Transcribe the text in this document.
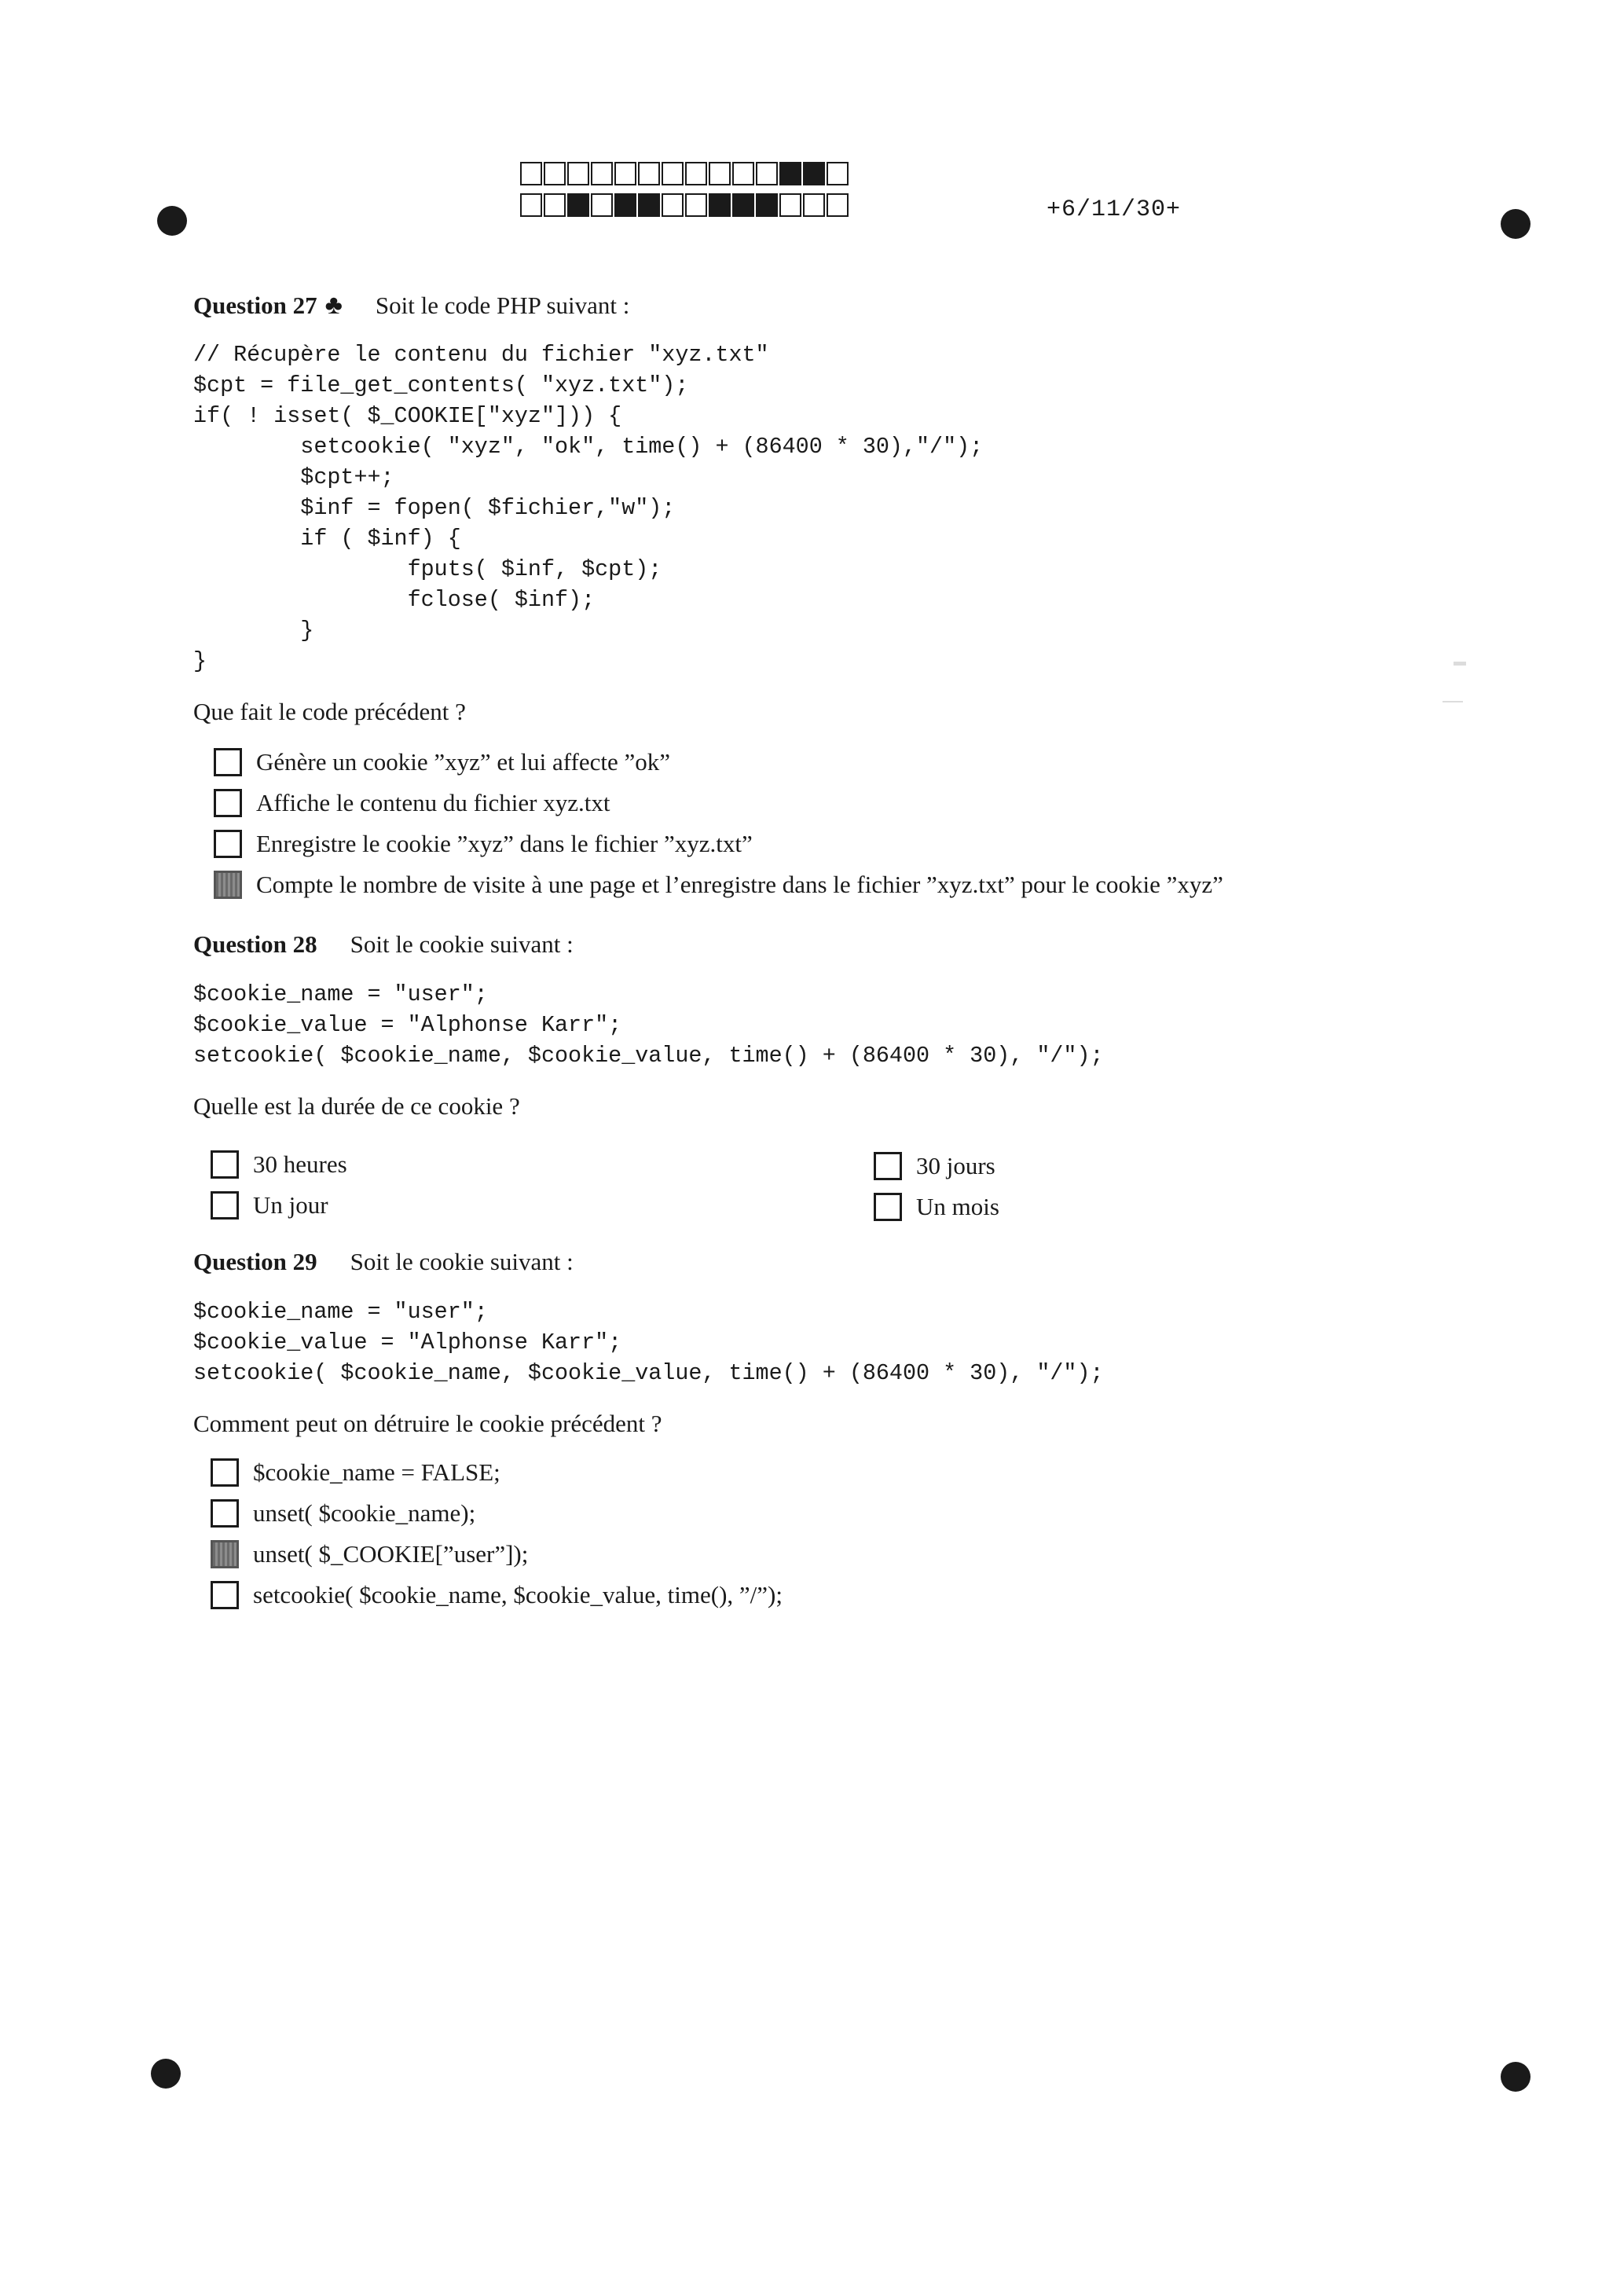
+6/11/30+
Question 27 ♣ Soit le code PHP suivant :
// Récupère le contenu du fichier "xyz.txt"
$cpt = file_get_contents( "xyz.txt");
if( ! isset( $_COOKIE["xyz"])) {
setcookie( "xyz", "ok", time() + (86400 * 30),"/");
$cpt++;
$inf = fopen( $fichier,"w");
if ( $inf) {
fputs( $inf, $cpt);
fclose( $inf);
}
}
Que fait le code précédent ?
Génère un cookie ”xyz” et lui affecte ”ok”
Affiche le contenu du fichier xyz.txt
Enregistre le cookie ”xyz” dans le fichier ”xyz.txt”
Compte le nombre de visite à une page et l’enregistre dans le fichier ”xyz.txt” pour le cookie ”xyz”
Question 28 Soit le cookie suivant :
$cookie_name = "user";
$cookie_value = "Alphonse Karr";
setcookie( $cookie_name, $cookie_value, time() + (86400 * 30), "/");
Quelle est la durée de ce cookie ?
30 heures
Un jour
30 jours
Un mois
Question 29 Soit le cookie suivant :
$cookie_name = "user";
$cookie_value = "Alphonse Karr";
setcookie( $cookie_name, $cookie_value, time() + (86400 * 30), "/");
Comment peut on détruire le cookie précédent ?
$cookie_name = FALSE;
unset( $cookie_name);
unset( $_COOKIE[”user”]);
setcookie( $cookie_name, $cookie_value, time(), ”/”);
